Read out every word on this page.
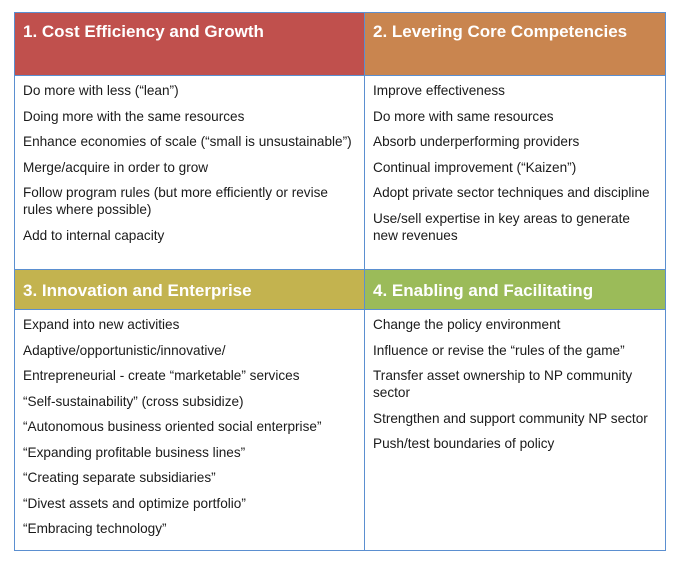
1. Cost Efficiency and Growth
Do more with less (“lean”)
Doing more with the same resources
Enhance economies of scale (“small is unsustainable”)
Merge/acquire in order to grow
Follow program rules (but more efficiently or revise rules where possible)
Add to internal capacity
2. Levering Core Competencies
Improve effectiveness
Do more with same resources
Absorb underperforming providers
Continual improvement (“Kaizen”)
Adopt private sector techniques and discipline
Use/sell expertise in key areas to generate new revenues
3. Innovation and Enterprise
Expand into new activities
Adaptive/opportunistic/innovative/
Entrepreneurial - create “marketable” services
“Self-sustainability” (cross subsidize)
“Autonomous business oriented social enterprise”
“Expanding profitable business lines”
“Creating separate subsidiaries”
“Divest assets and optimize portfolio”
“Embracing technology”
4. Enabling and Facilitating
Change the policy environment
Influence or revise the “rules of the game”
Transfer asset ownership to NP community sector
Strengthen and support community NP sector
Push/test boundaries of policy
